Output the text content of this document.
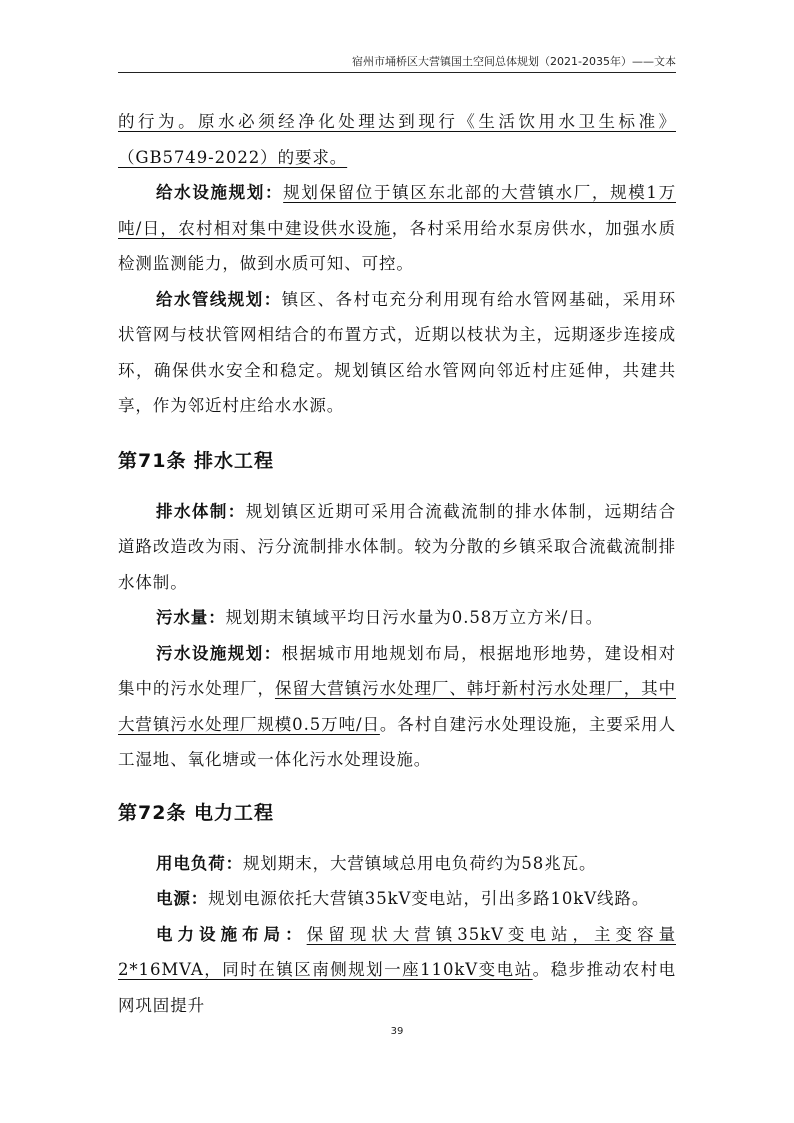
宿州市埇桥区大营镇国土空间总体规划（2021-2035年）——文本

的行为。原水必须经净化处理达到现行《生活饮用水卫生标准》（GB5749-2022）的要求。

给水设施规划：规划保留位于镇区东北部的大营镇水厂，规模1万吨/日，农村相对集中建设供水设施，各村采用给水泵房供水，加强水质检测监测能力，做到水质可知、可控。

给水管线规划：镇区、各村屯充分利用现有给水管网基础，采用环状管网与枝状管网相结合的布置方式，近期以枝状为主，远期逐步连接成环，确保供水安全和稳定。规划镇区给水管网向邻近村庄延伸，共建共享，作为邻近村庄给水水源。

第71条 排水工程

排水体制：规划镇区近期可采用合流截流制的排水体制，远期结合道路改造改为雨、污分流制排水体制。较为分散的乡镇采取合流截流制排水体制。

污水量：规划期末镇域平均日污水量为0.58万立方米/日。

污水设施规划：根据城市用地规划布局，根据地形地势，建设相对集中的污水处理厂，保留大营镇污水处理厂、韩圩新村污水处理厂，其中大营镇污水处理厂规模0.5万吨/日。各村自建污水处理设施，主要采用人工湿地、氧化塘或一体化污水处理设施。

第72条 电力工程

用电负荷：规划期末，大营镇域总用电负荷约为58兆瓦。

电源：规划电源依托大营镇35kV变电站，引出多路10kV线路。

电力设施布局：保留现状大营镇35kV变电站，主变容量2*16MVA，同时在镇区南侧规划一座110kV变电站。稳步推动农村电网巩固提升

39
